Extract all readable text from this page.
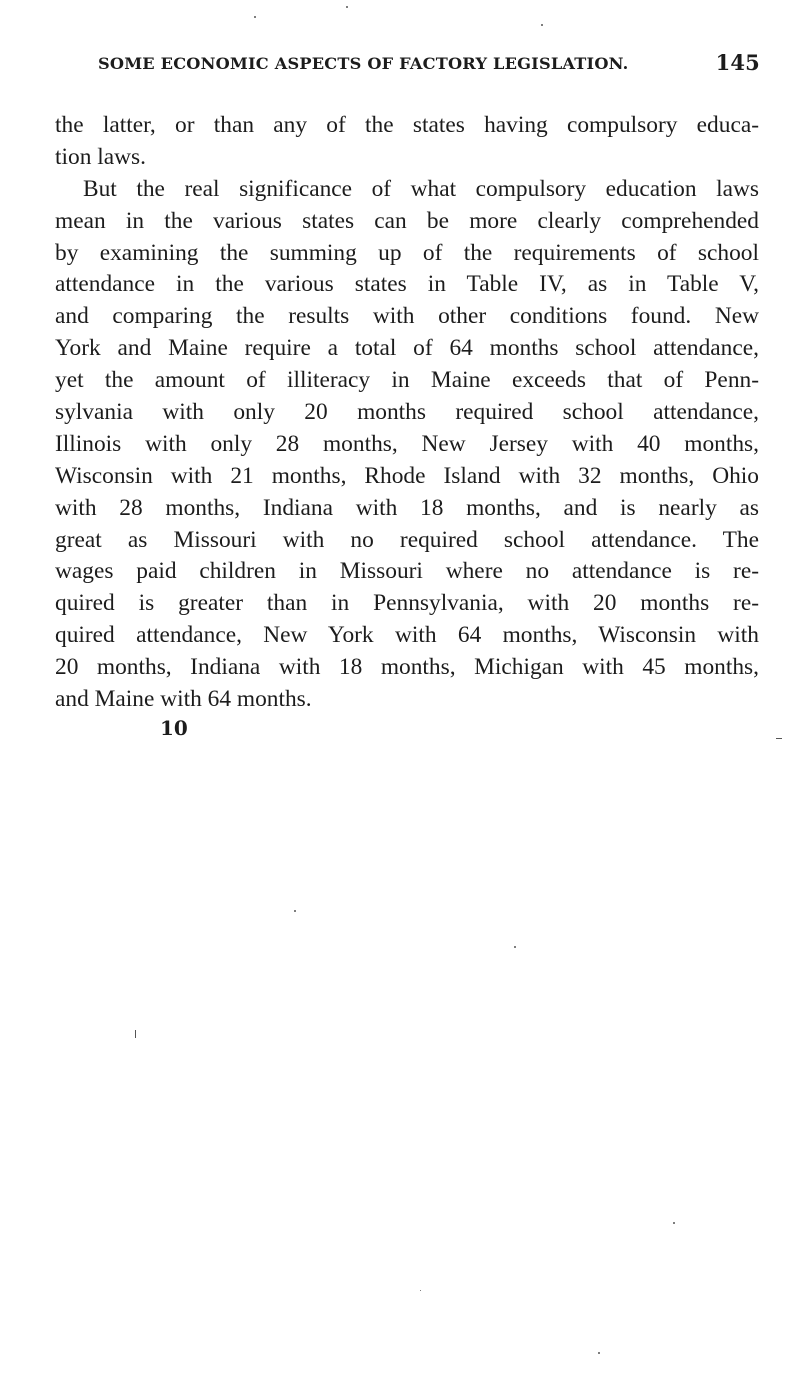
SOME ECONOMIC ASPECTS OF FACTORY LEGISLATION.	145
the latter, or than any of the states having compulsory educa-
tion laws.
But the real significance of what compulsory education laws
mean in the various states can be more clearly comprehended
by examining the summing up of the requirements of school
attendance in the various states in Table IV, as in Table V,
and comparing the results with other conditions found. New
York and Maine require a total of 64 months school attendance,
yet the amount of illiteracy in Maine exceeds that of Penn-
sylvania with only 20 months required school attendance,
Illinois with only 28 months, New Jersey with 40 months,
Wisconsin with 21 months, Rhode Island with 32 months, Ohio
with 28 months, Indiana with 18 months, and is nearly as
great as Missouri with no required school attendance. The
wages paid children in Missouri where no attendance is re-
quired is greater than in Pennsylvania, with 20 months re-
quired attendance, New York with 64 months, Wisconsin with
20 months, Indiana with 18 months, Michigan with 45 months,
and Maine with 64 months.
10
